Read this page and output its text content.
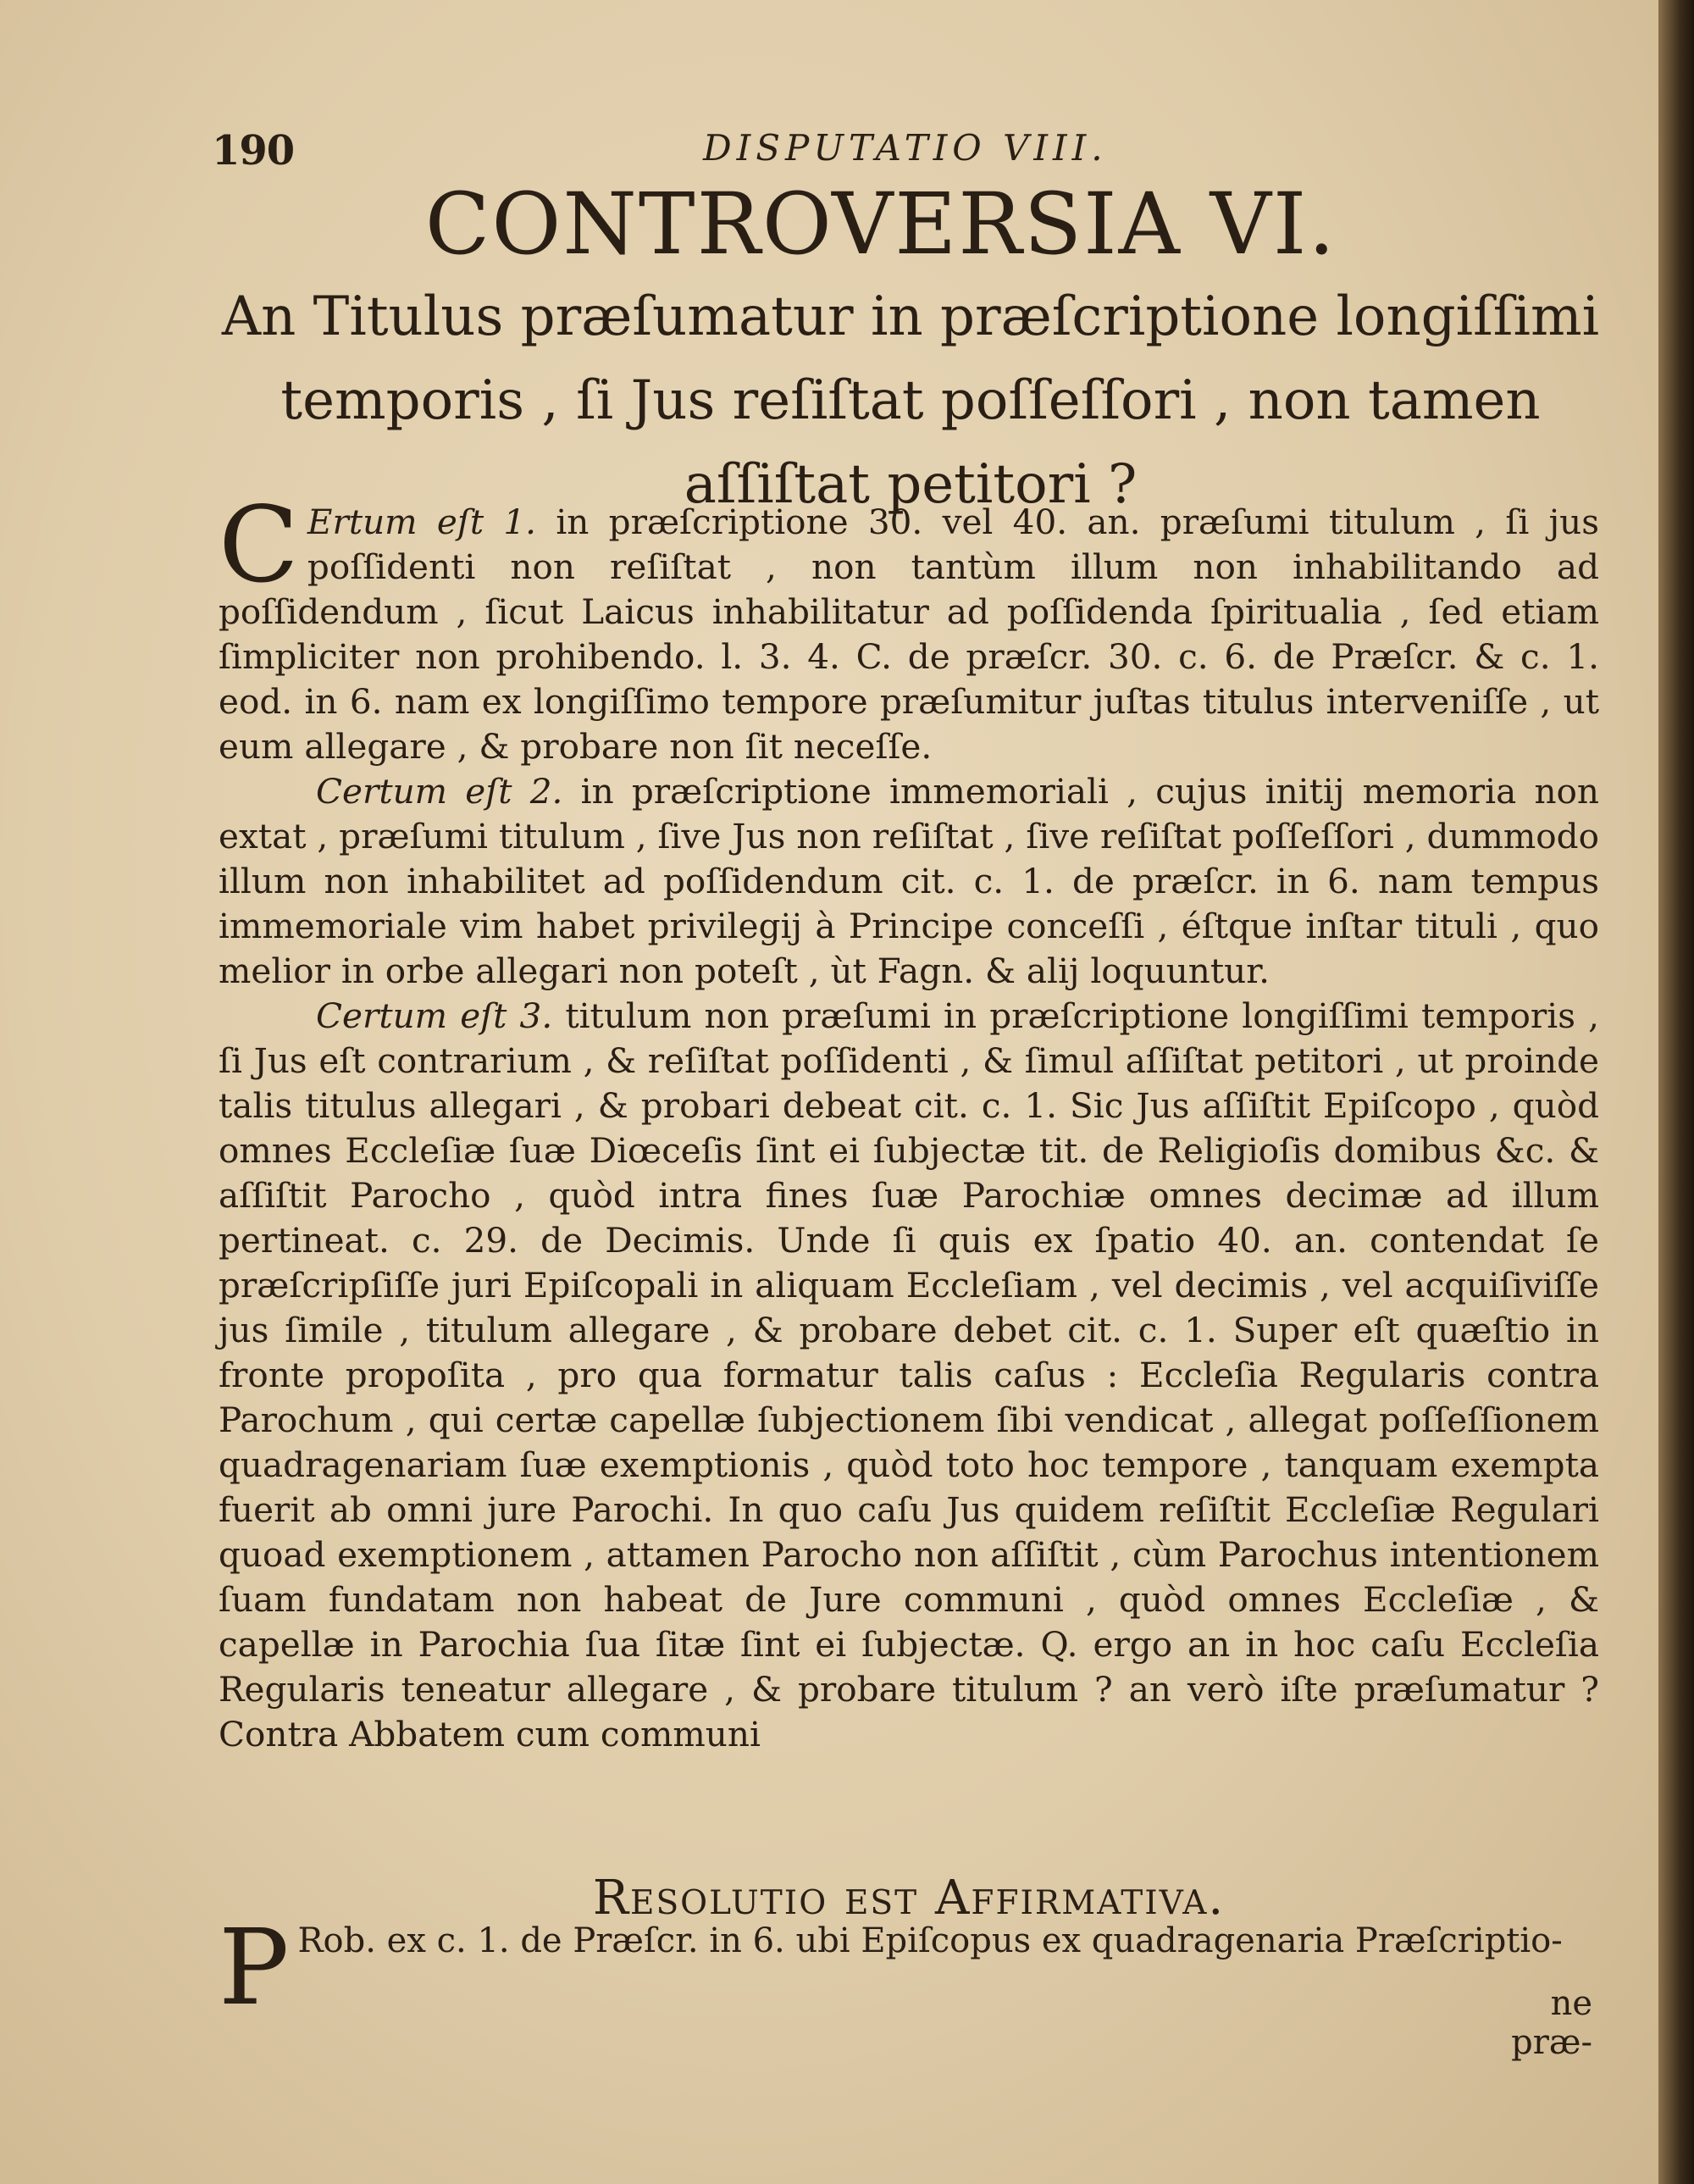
190	DISPUTATIO VIII.
CONTROVERSIA VI.
An Titulus præſumatur in præſcriptione longiſſimi temporis , ſi Jus reſiſtat poſſeſſori , non tamen aſſiſtat petitori ?

C Ertum eſt 1. in præſcriptione 30. vel 40. an. præſumi titulum , ſi jus poſſidenti non reſiſtat , non tantùm illum non inhabilitando ad poſſidendum , ſicut Laicus inhabilitatur ad poſſidenda ſpiritualia , ſed etiam ſimpliciter non prohibendo. l. 3. 4. C. de præſcr. 30. c. 6. de Præſcr. & c. 1. eod. in 6. nam ex longiſſimo tempore præſumitur juſtas titulus interveniſſe , ut eum allegare , & probare non ſit neceſſe.

Certum eſt 2. in præſcriptione immemoriali , cujus initij memoria non extat , præſumi titulum , ſive Jus non reſiſtat , ſive reſiſtat poſſeſſori , dummodo illum non inhabilitet ad poſſidendum cit. c. 1. de præſcr. in 6. nam tempus immemoriale vim habet privilegij à Principe conceſſi , éſtque inſtar tituli , quo melior in orbe allegari non poteſt , ùt Fagn. & alij loquuntur.

Certum eſt 3. titulum non præſumi in præſcriptione longiſſimi temporis , ſi Jus eſt contrarium , & reſiſtat poſſidenti , & ſimul aſſiſtat petitori , ut proinde talis titulus allegari , & probari debeat cit. c. 1. Sic Jus aſſiſtit Epiſcopo , quòd omnes Eccleſiæ ſuæ Diœceſis ſint ei ſubjectæ tit. de Religioſis domibus &c. & aſſiſtit Parocho , quòd intra fines ſuæ Parochiæ omnes decimæ ad illum pertineat. c. 29. de Decimis. Unde ſi quis ex ſpatio 40. an. contendat ſe præſcripſiſſe juri Epiſcopali in aliquam Eccleſiam , vel decimis , vel acquiſiviſſe jus ſimile , titulum allegare , & probare debet cit. c. 1. Super eſt quæſtio in fronte propoſita , pro qua formatur talis caſus : Eccleſia Regularis contra Parochum , qui certæ capellæ ſubjectionem ſibi vendicat , allegat poſſeſſionem quadragenariam ſuæ exemptionis , quòd toto hoc tempore , tanquam exempta fuerit ab omni jure Parochi. In quo caſu Jus quidem reſiſtit Eccleſiæ Regulari quoad exemptionem , attamen Parocho non aſſiſtit , cùm Parochus intentionem ſuam fundatam non habeat de Jure communi , quòd omnes Eccleſiæ , & capellæ in Parochia ſua ſitæ ſint ei ſubjectæ. Q. ergo an in hoc caſu Eccleſia Regularis teneatur allegare , & probare titulum ? an verò iſte præſumatur ? Contra Abbatem cum communi

Resolutio est Affirmativa.
P Rob. ex c. 1. de Præſcr. in 6. ubi Epiſcopus ex quadragenaria Præſcriptio-
ne præ-
